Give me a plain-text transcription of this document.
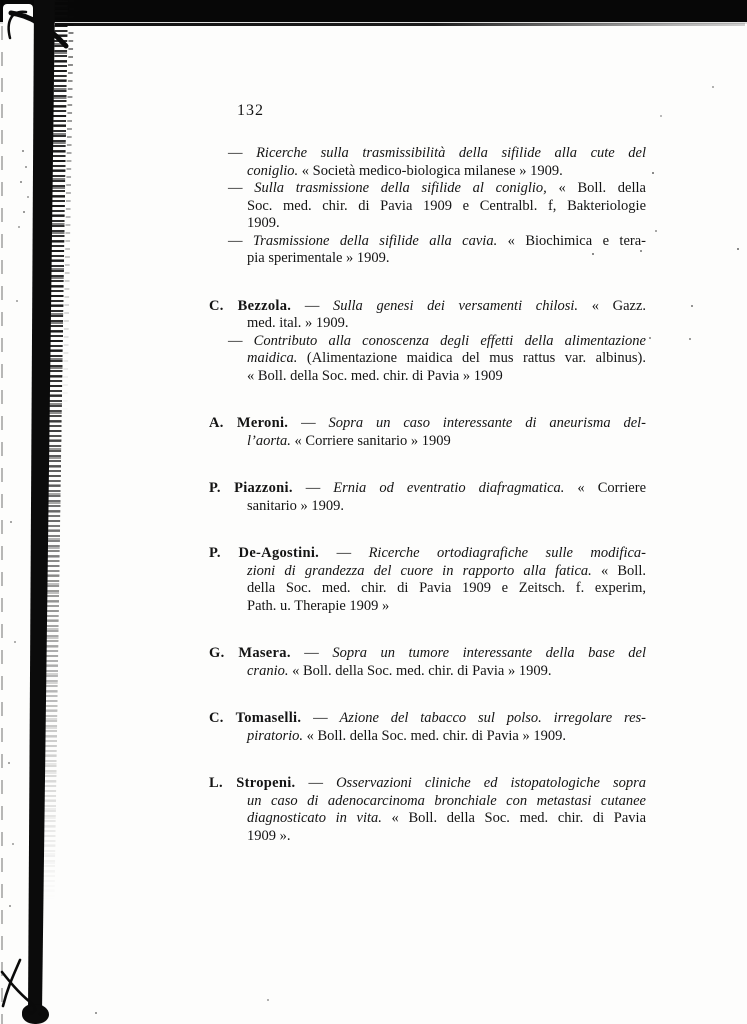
132
— Ricerche sulla trasmissibilità della sifilide alla cute del
coniglio. « Società medico-biologica milanese » 1909.
— Sulla trasmissione della sifilide al coniglio, « Boll. della
Soc. med. chir. di Pavia 1909 e Centralbl. f, Bakteriologie
1909.
— Trasmissione della sifilide alla cavia. « Biochimica e tera-
pia sperimentale » 1909.
C. Bezzola. — Sulla genesi dei versamenti chilosi. « Gazz.
med. ital. » 1909.
— Contributo alla conoscenza degli effetti della alimentazione
maidica. (Alimentazione maidica del mus rattus var. albinus).
« Boll. della Soc. med. chir. di Pavia » 1909
A. Meroni. — Sopra un caso interessante di aneurisma del-
l’aorta. « Corriere sanitario » 1909
P. Piazzoni. — Ernia od eventratio diafragmatica. « Corriere
sanitario » 1909.
P. De-Agostini. — Ricerche ortodiagrafiche sulle modifica-
zioni di grandezza del cuore in rapporto alla fatica. « Boll.
della Soc. med. chir. di Pavia 1909 e Zeitsch. f. experim,
Path. u. Therapie 1909 »
G. Masera. — Sopra un tumore interessante della base del
cranio. « Boll. della Soc. med. chir. di Pavia » 1909.
C. Tomaselli. — Azione del tabacco sul polso. irregolare res-
piratorio. « Boll. della Soc. med. chir. di Pavia » 1909.
L. Stropeni. — Osservazioni cliniche ed istopatologiche sopra
un caso di adenocarcinoma bronchiale con metastasi cutanee
diagnosticato in vita. « Boll. della Soc. med. chir. di Pavia
1909 ».
